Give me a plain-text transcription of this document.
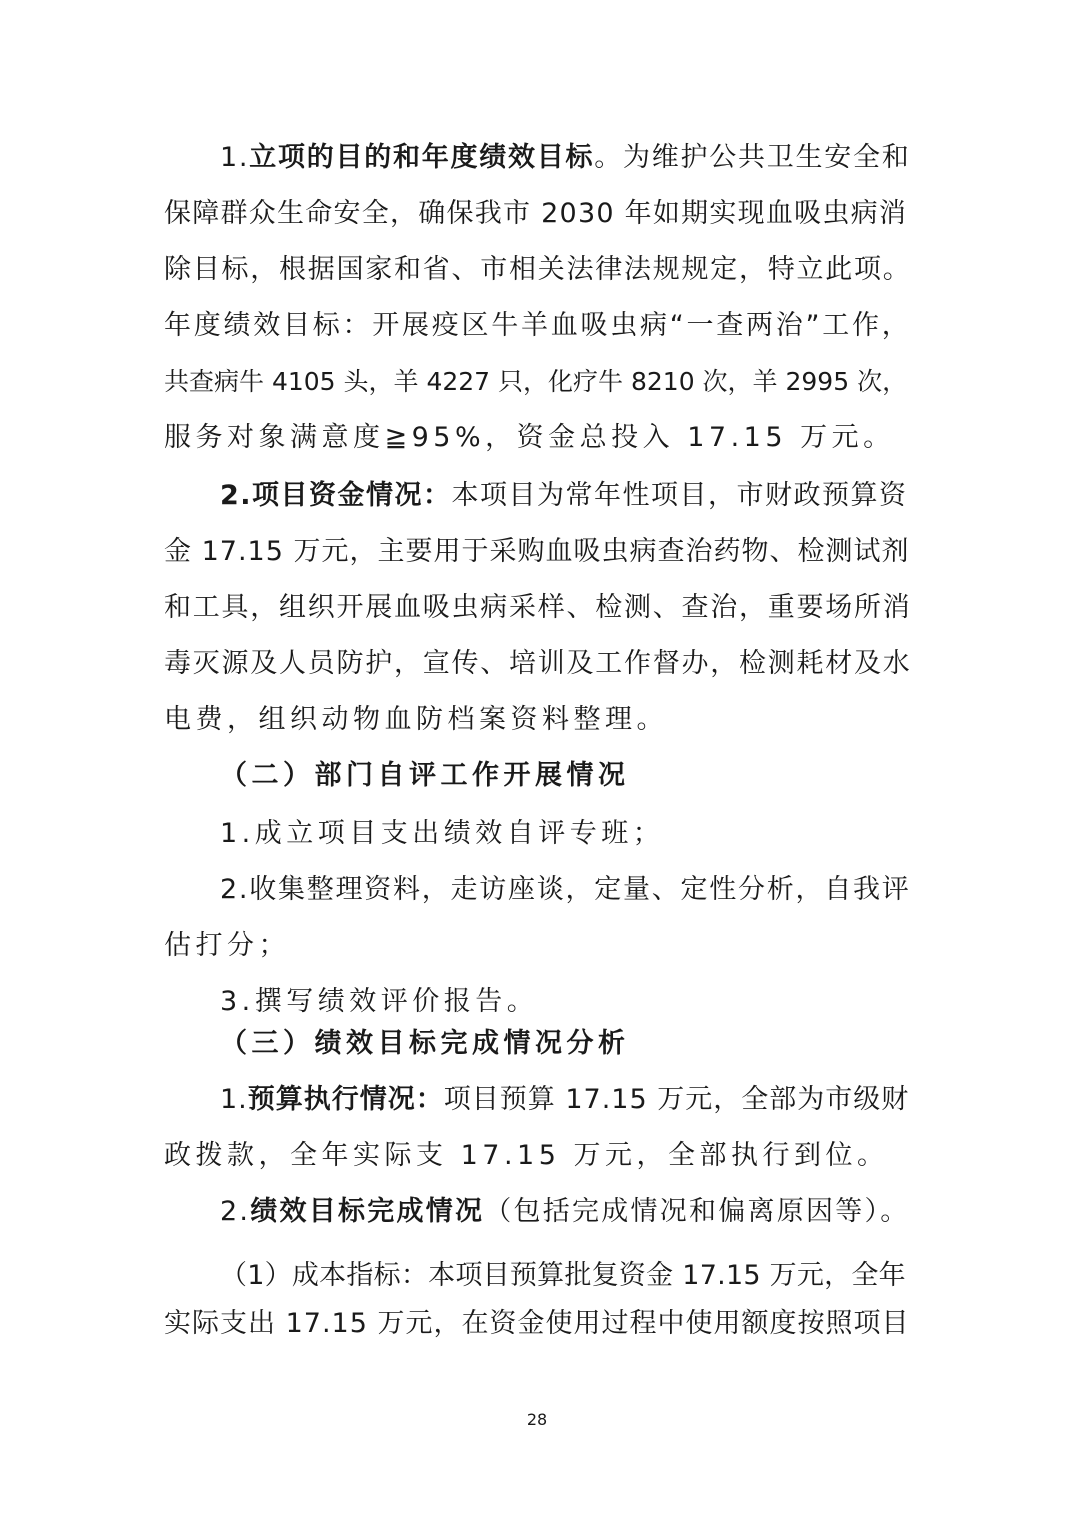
1.立项的目的和年度绩效目标。为维护公共卫生安全和
保障群众生命安全，确保我市 2030 年如期实现血吸虫病消
除目标，根据国家和省、市相关法律法规规定，特立此项。
年度绩效目标：开展疫区牛羊血吸虫病“一查两治”工作，
共查病牛 4105 头，羊 4227 只，化疗牛 8210 次，羊 2995 次，
服务对象满意度≧95%，资金总投入 17.15 万元。
2.项目资金情况：本项目为常年性项目，市财政预算资
金 17.15 万元，主要用于采购血吸虫病查治药物、检测试剂
和工具，组织开展血吸虫病采样、检测、查治，重要场所消
毒灭源及人员防护，宣传、培训及工作督办，检测耗材及水
电费，组织动物血防档案资料整理。
（二）部门自评工作开展情况
1.成立项目支出绩效自评专班；
2.收集整理资料，走访座谈，定量、定性分析，自我评
估打分；
3.撰写绩效评价报告。
（三）绩效目标完成情况分析
1.预算执行情况：项目预算 17.15 万元，全部为市级财
政拨款，全年实际支 17.15 万元，全部执行到位。
2.绩效目标完成情况（包括完成情况和偏离原因等）。
（1）成本指标：本项目预算批复资金 17.15 万元，全年
实际支出 17.15 万元，在资金使用过程中使用额度按照项目
28
